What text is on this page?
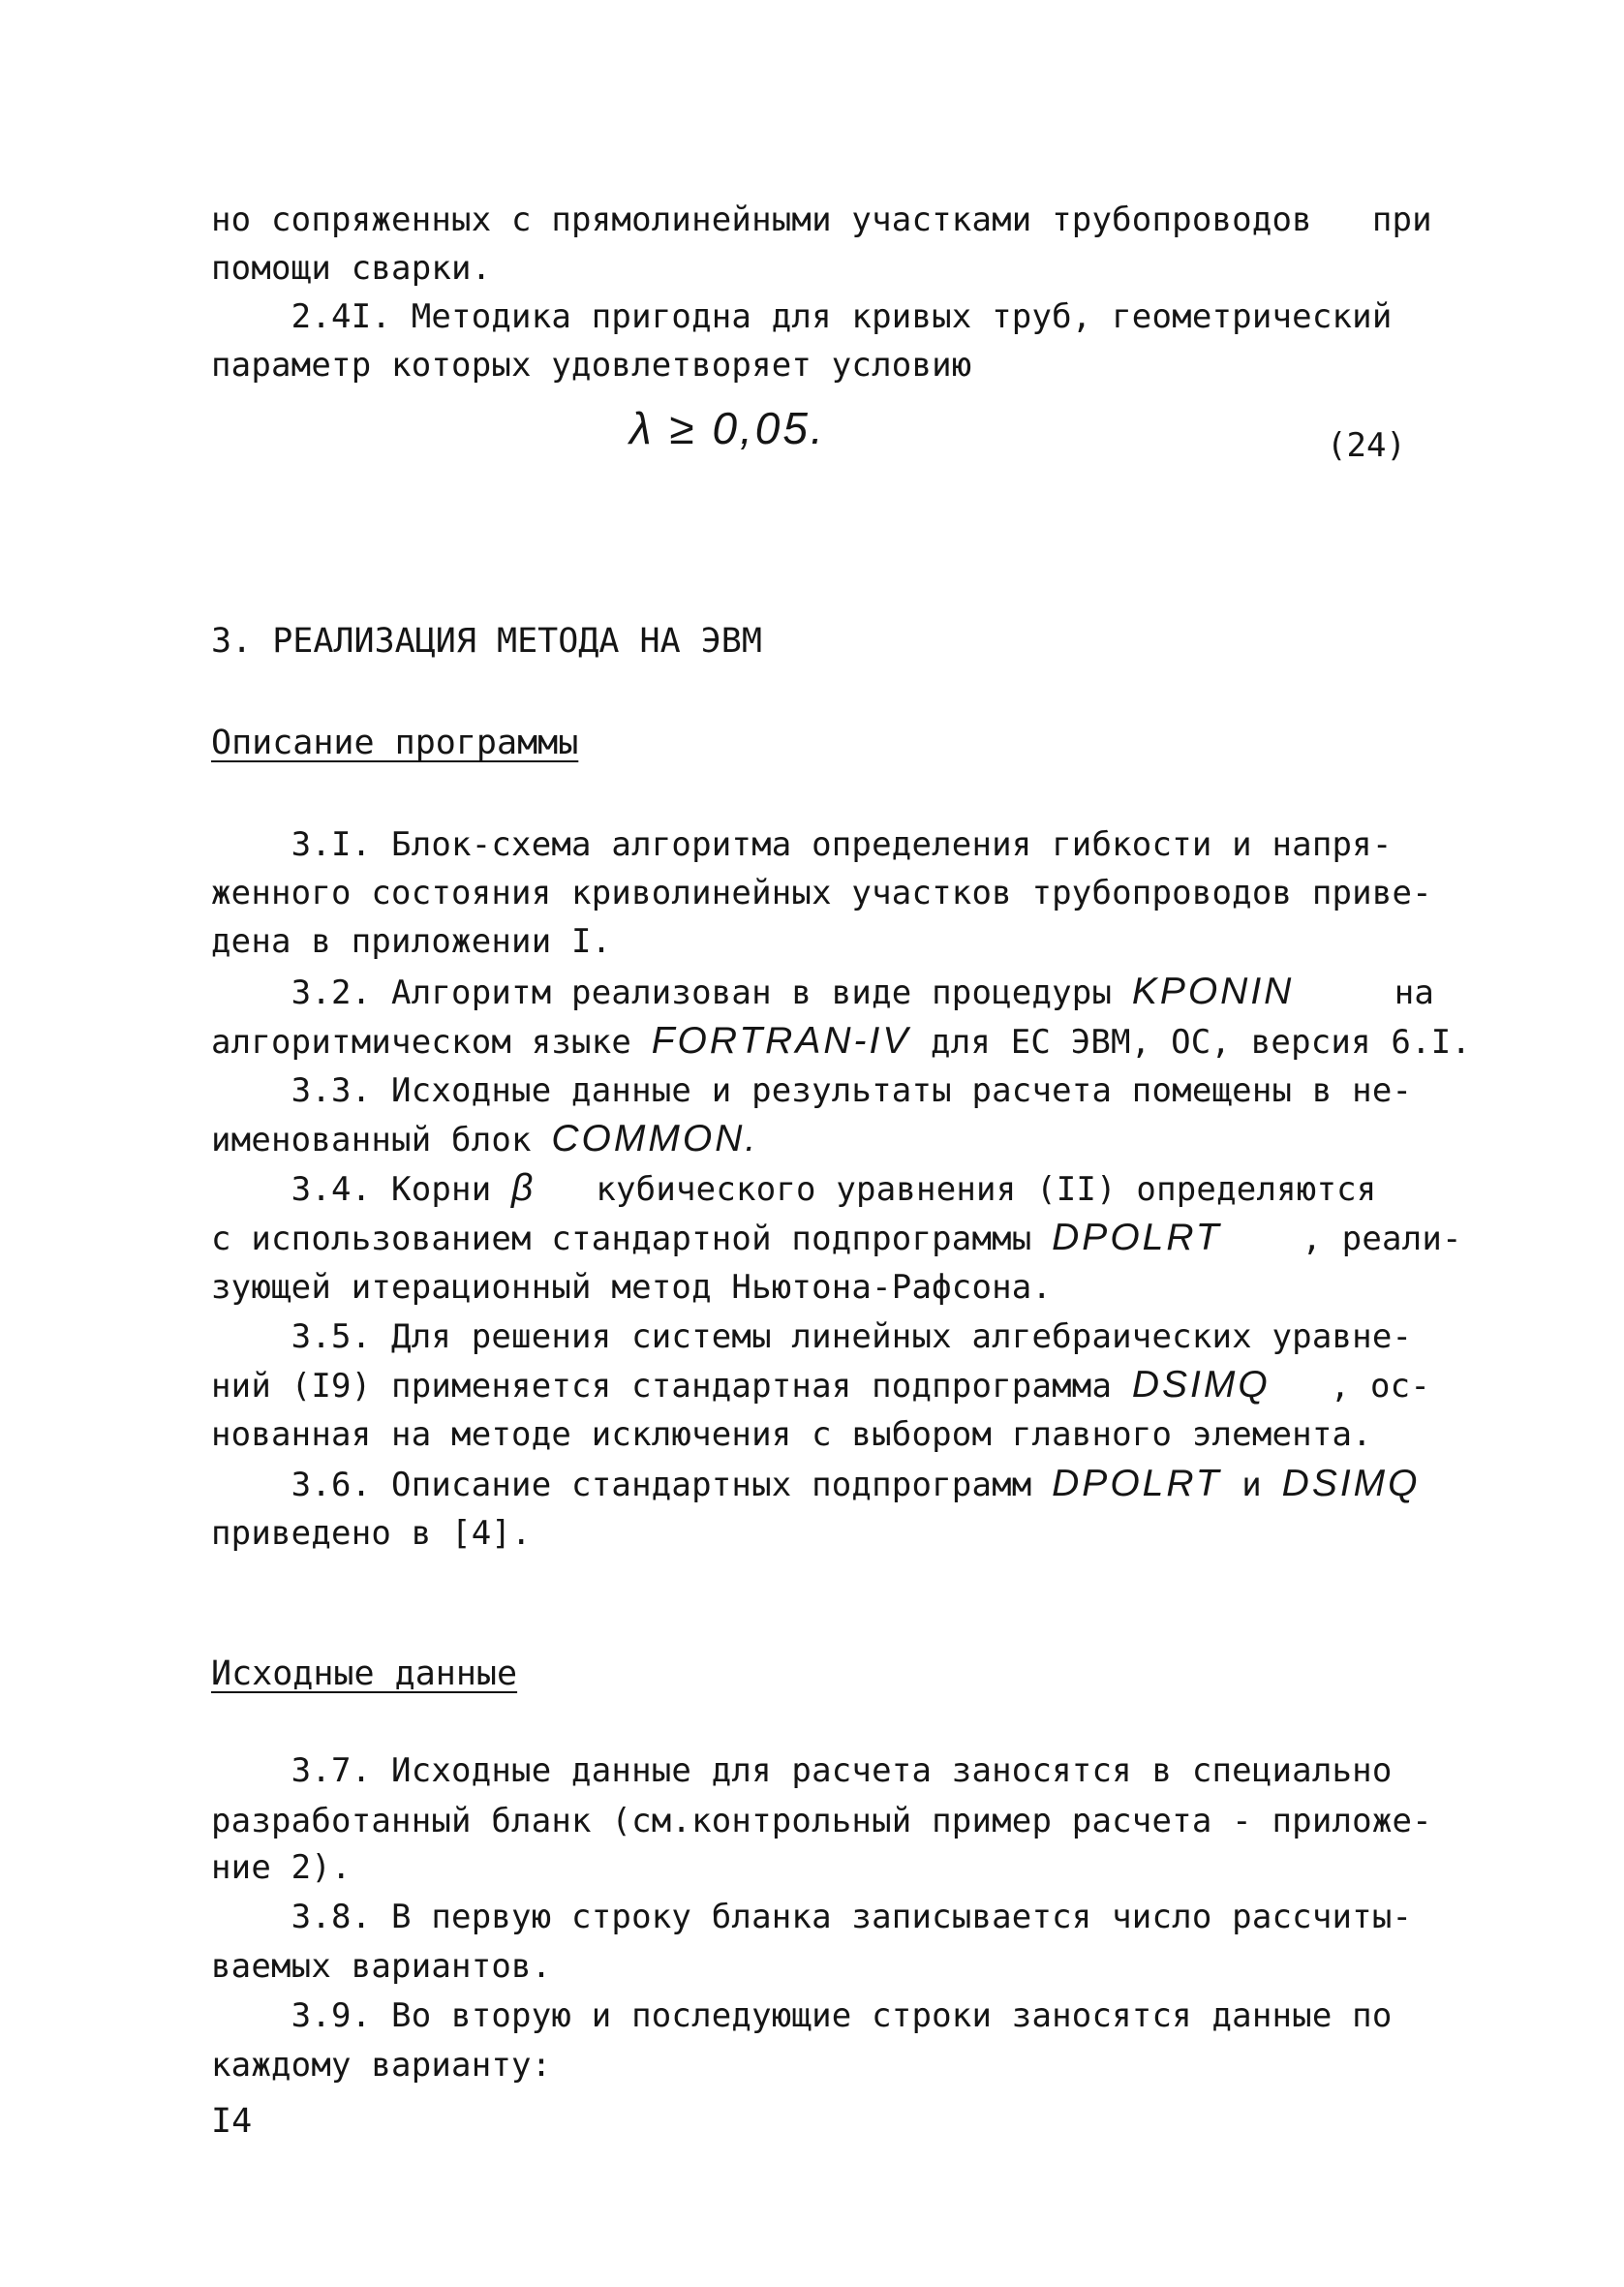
но сопряженных с прямолинейными участками трубопроводов   при
помощи сварки.
2.4I. Методика пригодна для кривых труб, геометрический
параметр которых удовлетворяет условию
λ ≥ 0,05.	(24)
3. РЕАЛИЗАЦИЯ МЕТОДА НА ЭВМ
Описание программы
3.I. Блок-схема алгоритма определения гибкости и напря-
женного состояния криволинейных участков трубопроводов приве-
дена в приложении I.
3.2. Алгоритм реализован в виде процедуры KPONIN     на
алгоритмическом языке FORTRAN-IV для ЕС ЭВМ, ОС, версия 6.I.
3.3. Исходные данные и результаты расчета помещены в не-
именованный блок COMMON.
3.4. Корни β   кубического уравнения (II) определяются
с использованием стандартной подпрограммы DPOLRT    , реали-
зующей итерационный метод Ньютона-Рафсона.
3.5. Для решения системы линейных алгебраических уравне-
ний (I9) применяется стандартная подпрограмма DSIMQ   , ос-
нованная на методе исключения с выбором главного элемента.
3.6. Описание стандартных подпрограмм DPOLRT и DSIMQ
приведено в [4].
Исходные данные
3.7. Исходные данные для расчета заносятся в специально
разработанный бланк (см.контрольный пример расчета - приложе-
ние 2).
3.8. В первую строку бланка записывается число рассчиты-
ваемых вариантов.
3.9. Во вторую и последующие строки заносятся данные по
каждому варианту:
I4
